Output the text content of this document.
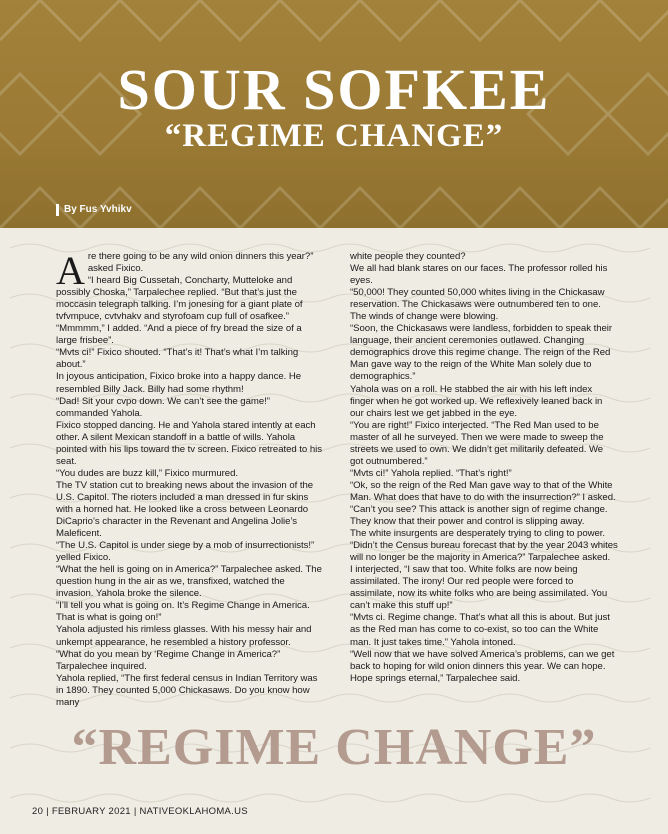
SOUR SOFKEE
“REGIME CHANGE”
By Fus Yvhikv
A re there going to be any wild onion dinners this year?” asked Fixico.

“I heard Big Cussetah, Concharty, Mutteloke and possibly Choska,” Tarpalechee replied. “But that’s just the moccasin telegraph talking. I’m jonesing for a giant plate of tvfvmpuce, cvtvhakv and styrofoam cup full of osafkee.”

“Mmmmm,” I added. “And a piece of fry bread the size of a large frisbee”.

“Mvts ci!” Fixico shouted. “That’s it! That’s what I’m talking about.”

In joyous anticipation, Fixico broke into a happy dance. He resembled Billy Jack. Billy had some rhythm!

“Dad! Sit your cvpo down. We can’t see the game!” commanded Yahola.

Fixico stopped dancing. He and Yahola stared intently at each other. A silent Mexican standoff in a battle of wills. Yahola pointed with his lips toward the tv screen. Fixico retreated to his seat.

“You dudes are buzz kill,” Fixico murmured.

The TV station cut to breaking news about the invasion of the U.S. Capitol. The rioters included a man dressed in fur skins with a horned hat. He looked like a cross between Leonardo DiCaprio’s character in the Revenant and Angelina Jolie’s Maleficent.

“The U.S. Capitol is under siege by a mob of insurrectionists!” yelled Fixico.

“What the hell is going on in America?” Tarpalechee asked. The question hung in the air as we, transfixed, watched the invasion. Yahola broke the silence.

“I’ll tell you what is going on. It’s Regime Change in America. That is what is going on!”

Yahola adjusted his rimless glasses. With his messy hair and unkempt appearance, he resembled a history professor.

“What do you mean by ‘Regime Change in America?” Tarpalechee inquired.

Yahola replied, “The first federal census in Indian Territory was in 1890. They counted 5,000 Chickasaws. Do you know how many

white people they counted?

We all had blank stares on our faces. The professor rolled his eyes.

“50,000! They counted 50,000 whites living in the Chickasaw reservation. The Chickasaws were outnumbered ten to one. The winds of change were blowing.

“Soon, the Chickasaws were landless, forbidden to speak their language, their ancient ceremonies outlawed. Changing demographics drove this regime change. The reign of the Red Man gave way to the reign of the White Man solely due to demographics.”

Yahola was on a roll. He stabbed the air with his left index finger when he got worked up. We reflexively leaned back in our chairs lest we get jabbed in the eye.

“You are right!” Fixico interjected. “The Red Man used to be master of all he surveyed. Then we were made to sweep the streets we used to own. We didn’t get militarily defeated. We got outnumbered.”

“Mvts ci!” Yahola replied. “That’s right!”

“Ok, so the reign of the Red Man gave way to that of the White Man. What does that have to do with the insurrection?” I asked.

“Can’t you see? This attack is another sign of regime change. They know that their power and control is slipping away.

The white insurgents are desperately trying to cling to power.

“Didn’t the Census bureau forecast that by the year 2043 whites will no longer be the majority in America?” Tarpalechee asked.

I interjected, “I saw that too. White folks are now being assimilated. The irony! Our red people were forced to assimilate, now its white folks who are being assimilated. You can’t make this stuff up!”

“Mvts ci. Regime change. That’s what all this is about. But just as the Red man has come to co-exist, so too can the White man. It just takes time.” Yahola intoned.

“Well now that we have solved America’s problems, can we get back to hoping for wild onion dinners this year. We can hope. Hope springs eternal,” Tarpalechee said.

“REGIME CHANGE”
20 | FEBRUARY 2021 | NATIVEOKLAHOMA.US
